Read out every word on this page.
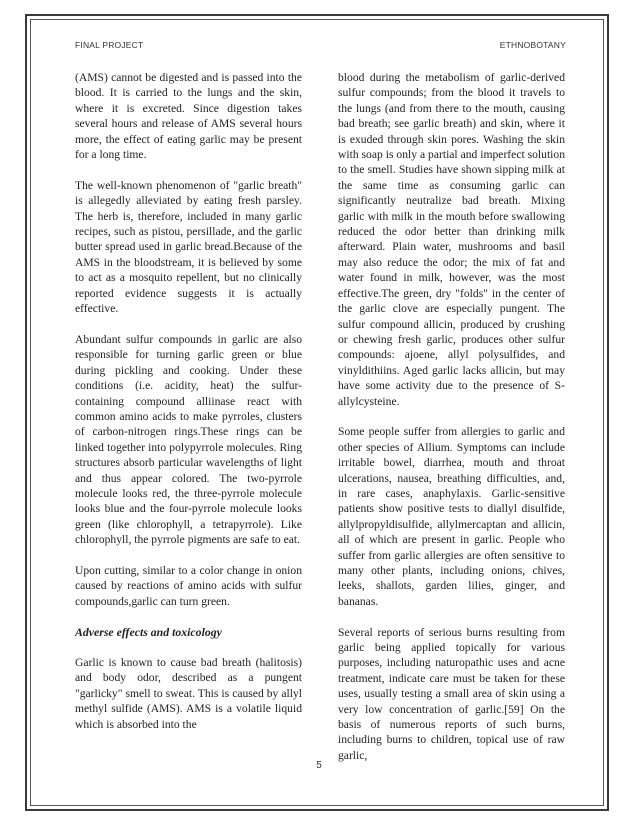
FINAL PROJECT	ETHNOBOTANY

(AMS) cannot be digested and is passed into the blood. It is carried to the lungs and the skin, where it is excreted. Since digestion takes several hours and release of AMS several hours more, the effect of eating garlic may be present for a long time.

The well-known phenomenon of "garlic breath" is allegedly alleviated by eating fresh parsley. The herb is, therefore, included in many garlic recipes, such as pistou, persillade, and the garlic butter spread used in garlic bread.Because of the AMS in the bloodstream, it is believed by some to act as a mosquito repellent, but no clinically reported evidence suggests it is actually effective.

Abundant sulfur compounds in garlic are also responsible for turning garlic green or blue during pickling and cooking. Under these conditions (i.e. acidity, heat) the sulfur-containing compound alliinase react with common amino acids to make pyrroles, clusters of carbon-nitrogen rings.These rings can be linked together into polypyrrole molecules. Ring structures absorb particular wavelengths of light and thus appear colored. The two-pyrrole molecule looks red, the three-pyrrole molecule looks blue and the four-pyrrole molecule looks green (like chlorophyll, a tetrapyrrole). Like chlorophyll, the pyrrole pigments are safe to eat.

Upon cutting, similar to a color change in onion caused by reactions of amino acids with sulfur compounds,garlic can turn green.

Adverse effects and toxicology

Garlic is known to cause bad breath (halitosis) and body odor, described as a pungent "garlicky" smell to sweat. This is caused by allyl methyl sulfide (AMS). AMS is a volatile liquid which is absorbed into the

blood during the metabolism of garlic-derived sulfur compounds; from the blood it travels to the lungs (and from there to the mouth, causing bad breath; see garlic breath) and skin, where it is exuded through skin pores. Washing the skin with soap is only a partial and imperfect solution to the smell. Studies have shown sipping milk at the same time as consuming garlic can significantly neutralize bad breath. Mixing garlic with milk in the mouth before swallowing reduced the odor better than drinking milk afterward. Plain water, mushrooms and basil may also reduce the odor; the mix of fat and water found in milk, however, was the most effective.The green, dry "folds" in the center of the garlic clove are especially pungent. The sulfur compound allicin, produced by crushing or chewing fresh garlic, produces other sulfur compounds: ajoene, allyl polysulfides, and vinyldithiins. Aged garlic lacks allicin, but may have some activity due to the presence of S-allylcysteine.

Some people suffer from allergies to garlic and other species of Allium. Symptoms can include irritable bowel, diarrhea, mouth and throat ulcerations, nausea, breathing difficulties, and, in rare cases, anaphylaxis. Garlic-sensitive patients show positive tests to diallyl disulfide, allylpropyldisulfide, allylmercaptan and allicin, all of which are present in garlic. People who suffer from garlic allergies are often sensitive to many other plants, including onions, chives, leeks, shallots, garden lilies, ginger, and bananas.

Several reports of serious burns resulting from garlic being applied topically for various purposes, including naturopathic uses and acne treatment, indicate care must be taken for these uses, usually testing a small area of skin using a very low concentration of garlic.[59] On the basis of numerous reports of such burns, including burns to children, topical use of raw garlic,

5
